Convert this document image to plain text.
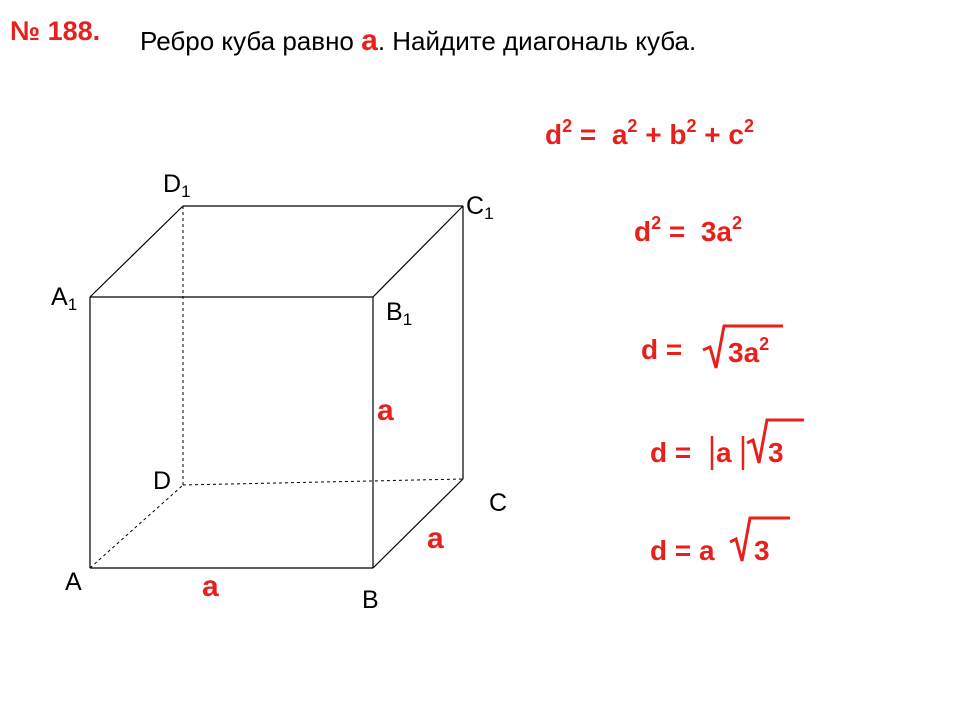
№ 188. Ребро куба равно a. Найдите диагональ куба.
$D_1$
$C_1$
$A_1$	$B_1$
D
C
A
B
a
a
a
$d^2 = a^2 + b^2 + c^2$
$d^2 = 3a^2$
$d = 3a^2$
d = a 3
d = a 3
